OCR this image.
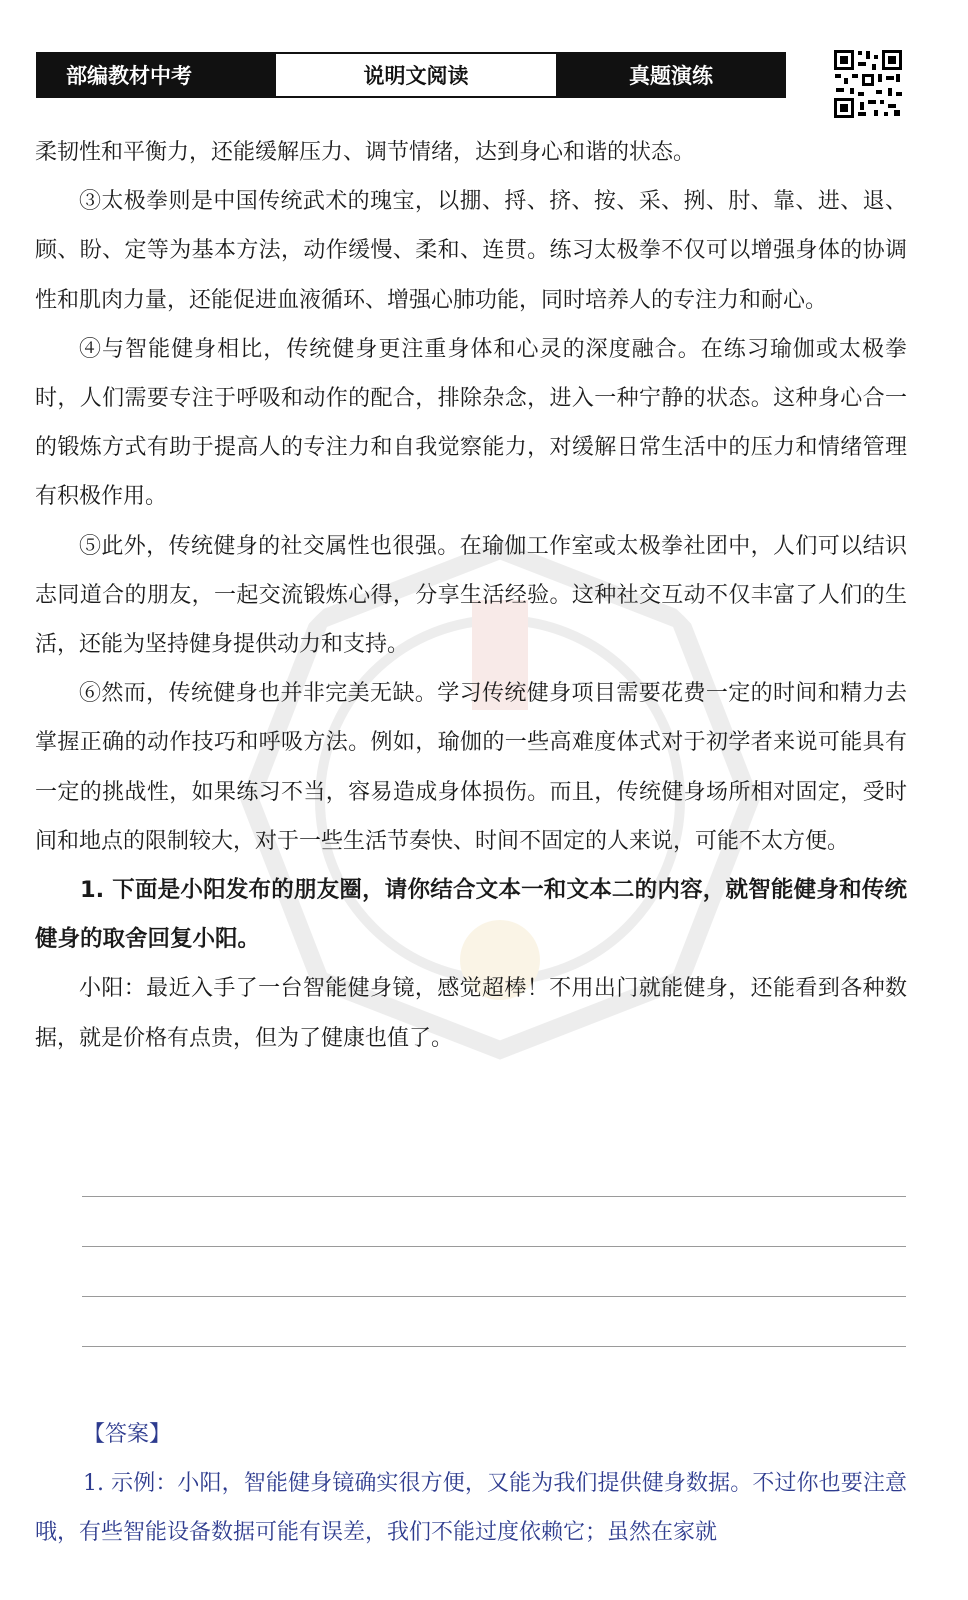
部编教材中考	说明文阅读	真题演练

柔韧性和平衡力，还能缓解压力、调节情绪，达到身心和谐的状态。

③太极拳则是中国传统武术的瑰宝，以掤、捋、挤、按、采、挒、肘、靠、进、退、顾、盼、定等为基本方法，动作缓慢、柔和、连贯。练习太极拳不仅可以增强身体的协调性和肌肉力量，还能促进血液循环、增强心肺功能，同时培养人的专注力和耐心。

④与智能健身相比，传统健身更注重身体和心灵的深度融合。在练习瑜伽或太极拳时，人们需要专注于呼吸和动作的配合，排除杂念，进入一种宁静的状态。这种身心合一的锻炼方式有助于提高人的专注力和自我觉察能力，对缓解日常生活中的压力和情绪管理有积极作用。

⑤此外，传统健身的社交属性也很强。在瑜伽工作室或太极拳社团中，人们可以结识志同道合的朋友，一起交流锻炼心得，分享生活经验。这种社交互动不仅丰富了人们的生活，还能为坚持健身提供动力和支持。

⑥然而，传统健身也并非完美无缺。学习传统健身项目需要花费一定的时间和精力去掌握正确的动作技巧和呼吸方法。例如，瑜伽的一些高难度体式对于初学者来说可能具有一定的挑战性，如果练习不当，容易造成身体损伤。而且，传统健身场所相对固定，受时间和地点的限制较大，对于一些生活节奏快、时间不固定的人来说，可能不太方便。

1. 下面是小阳发布的朋友圈，请你结合文本一和文本二的内容，就智能健身和传统健身的取舍回复小阳。

小阳：最近入手了一台智能健身镜，感觉超棒！不用出门就能健身，还能看到各种数据，就是价格有点贵，但为了健康也值了。

【答案】

1. 示例：小阳，智能健身镜确实很方便，又能为我们提供健身数据。不过你也要注意哦，有些智能设备数据可能有误差，我们不能过度依赖它；虽然在家就
